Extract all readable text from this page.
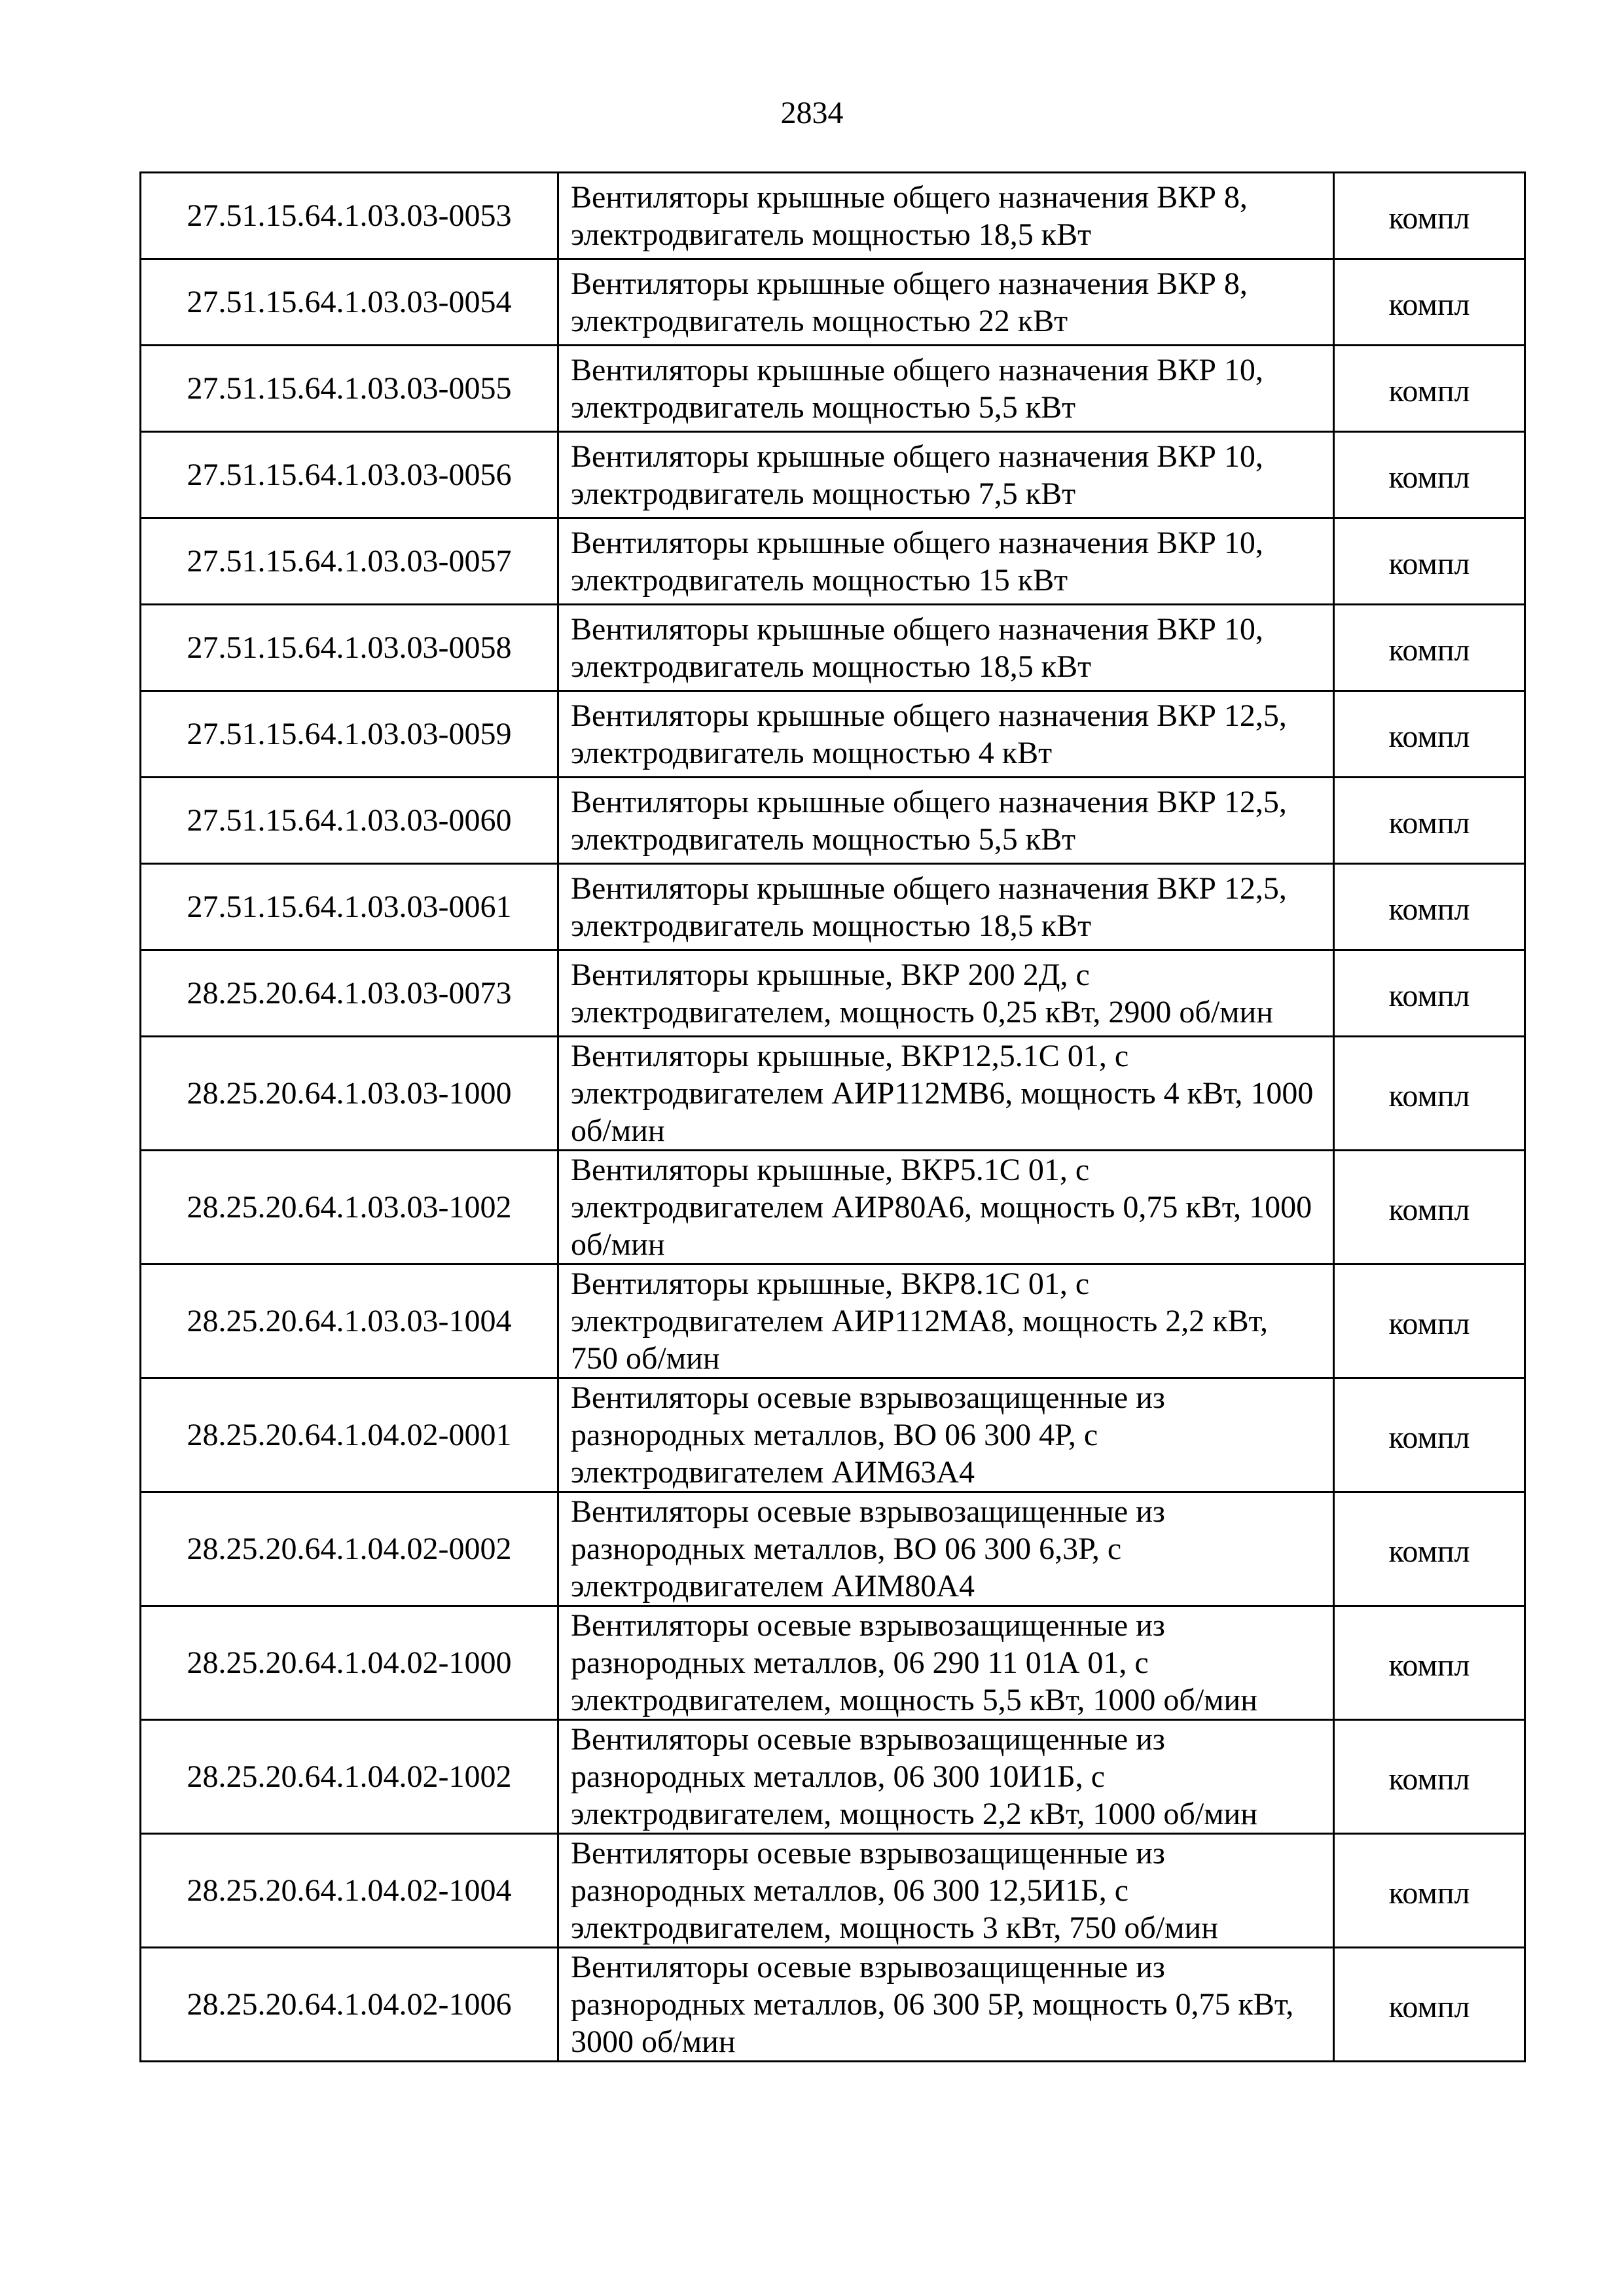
2834
27.51.15.64.1.03.03-0053	Вентиляторы крышные общего назначения ВКР 8, электродвигатель мощностью 18,5 кВт	компл
27.51.15.64.1.03.03-0054	Вентиляторы крышные общего назначения ВКР 8, электродвигатель мощностью 22 кВт	компл
27.51.15.64.1.03.03-0055	Вентиляторы крышные общего назначения ВКР 10, электродвигатель мощностью 5,5 кВт	компл
27.51.15.64.1.03.03-0056	Вентиляторы крышные общего назначения ВКР 10, электродвигатель мощностью 7,5 кВт	компл
27.51.15.64.1.03.03-0057	Вентиляторы крышные общего назначения ВКР 10, электродвигатель мощностью 15 кВт	компл
27.51.15.64.1.03.03-0058	Вентиляторы крышные общего назначения ВКР 10, электродвигатель мощностью 18,5 кВт	компл
27.51.15.64.1.03.03-0059	Вентиляторы крышные общего назначения ВКР 12,5, электродвигатель мощностью 4 кВт	компл
27.51.15.64.1.03.03-0060	Вентиляторы крышные общего назначения ВКР 12,5, электродвигатель мощностью 5,5 кВт	компл
27.51.15.64.1.03.03-0061	Вентиляторы крышные общего назначения ВКР 12,5, электродвигатель мощностью 18,5 кВт	компл
28.25.20.64.1.03.03-0073	Вентиляторы крышные, ВКР 200 2Д, с электродвигателем, мощность 0,25 кВт, 2900 об/мин	компл
28.25.20.64.1.03.03-1000	Вентиляторы крышные, ВКР12,5.1С 01, с электродвигателем АИР112МВ6, мощность 4 кВт, 1000 об/мин	компл
28.25.20.64.1.03.03-1002	Вентиляторы крышные, ВКР5.1С 01, с электродвигателем АИР80А6, мощность 0,75 кВт, 1000 об/мин	компл
28.25.20.64.1.03.03-1004	Вентиляторы крышные, ВКР8.1С 01, с электродвигателем АИР112МА8, мощность 2,2 кВт, 750 об/мин	компл
28.25.20.64.1.04.02-0001	Вентиляторы осевые взрывозащищенные из разнородных металлов, ВО 06 300 4Р, с электродвигателем АИМ63А4	компл
28.25.20.64.1.04.02-0002	Вентиляторы осевые взрывозащищенные из разнородных металлов, ВО 06 300 6,3Р, с электродвигателем АИМ80А4	компл
28.25.20.64.1.04.02-1000	Вентиляторы осевые взрывозащищенные из разнородных металлов, 06 290 11 01А 01, с электродвигателем, мощность 5,5 кВт, 1000 об/мин	компл
28.25.20.64.1.04.02-1002	Вентиляторы осевые взрывозащищенные из разнородных металлов, 06 300 10И1Б, с электродвигателем, мощность 2,2 кВт, 1000 об/мин	компл
28.25.20.64.1.04.02-1004	Вентиляторы осевые взрывозащищенные из разнородных металлов, 06 300 12,5И1Б, с электродвигателем, мощность 3 кВт, 750 об/мин	компл
28.25.20.64.1.04.02-1006	Вентиляторы осевые взрывозащищенные из разнородных металлов, 06 300 5Р, мощность 0,75 кВт, 3000 об/мин	компл
